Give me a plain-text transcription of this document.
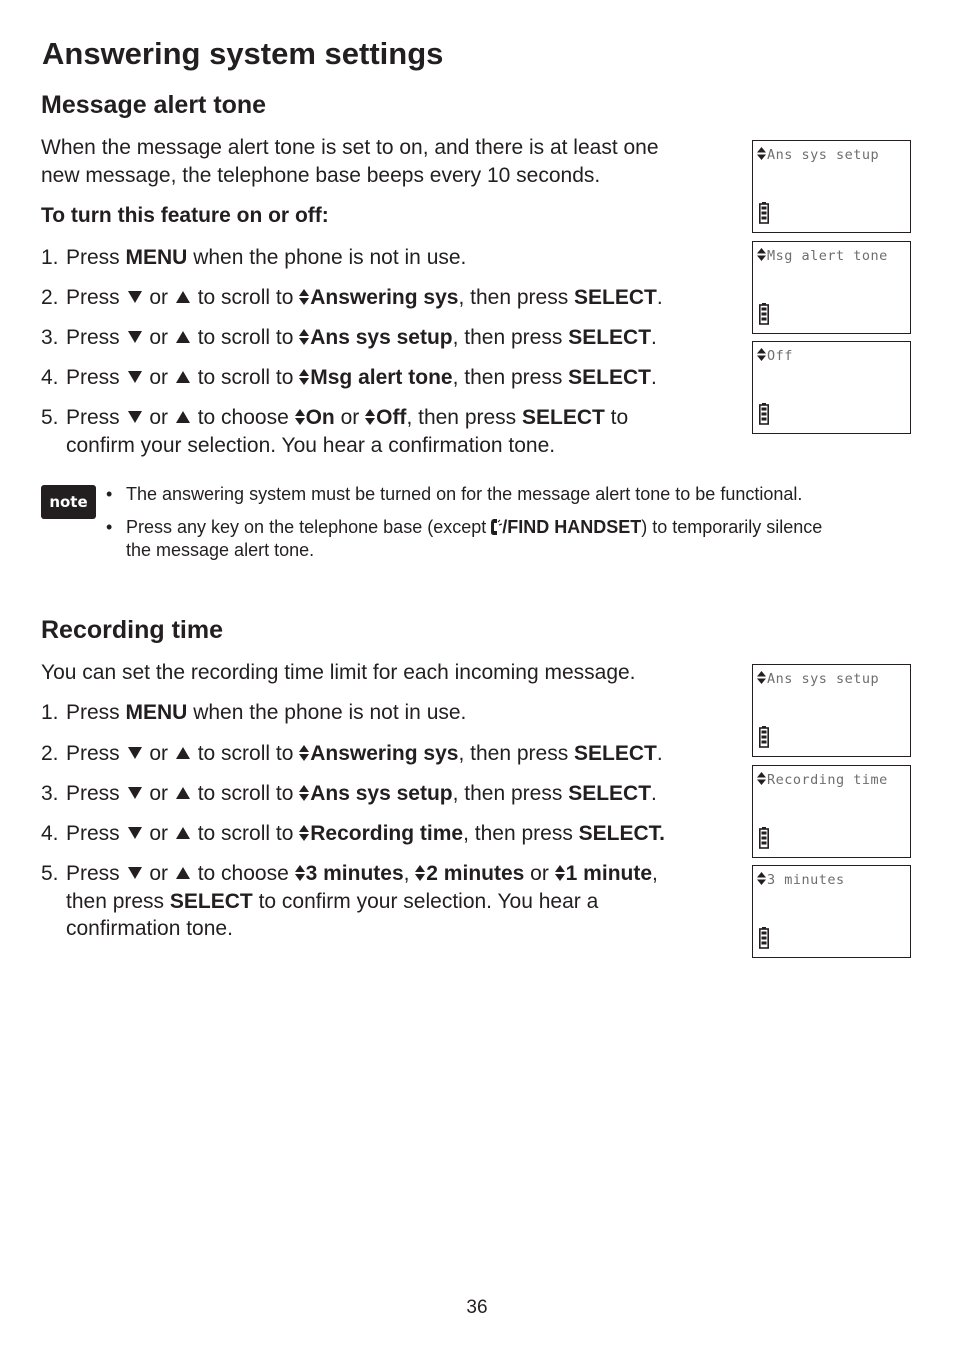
Answering system settings
Message alert tone
When the message alert tone is set to on, and there is at least one
new message, the telephone base beeps every 10 seconds.
To turn this feature on or off:
1. Press MENU when the phone is not in use.
2. Press  or  to scroll to Answering sys, then press SELECT.
3. Press  or  to scroll to Ans sys setup, then press SELECT.
4. Press  or  to scroll to Msg alert tone, then press SELECT.
5. Press  or  to choose On or Off, then press SELECT to
confirm your selection. You hear a confirmation tone.
Ans sys setup
Msg alert tone
Off
note	• The answering system must be turned on for the message alert tone to be functional.
• Press any key on the telephone base (except /FIND HANDSET) to temporarily silence
the message alert tone.
Recording time
You can set the recording time limit for each incoming message.
1. Press MENU when the phone is not in use.
2. Press  or  to scroll to Answering sys, then press SELECT.
3. Press  or  to scroll to Ans sys setup, then press SELECT.
4. Press  or  to scroll to Recording time, then press SELECT.
5. Press  or  to choose 3 minutes, 2 minutes or 1 minute,
then press SELECT to confirm your selection. You hear a
confirmation tone.
Ans sys setup
Recording time
3 minutes
36
